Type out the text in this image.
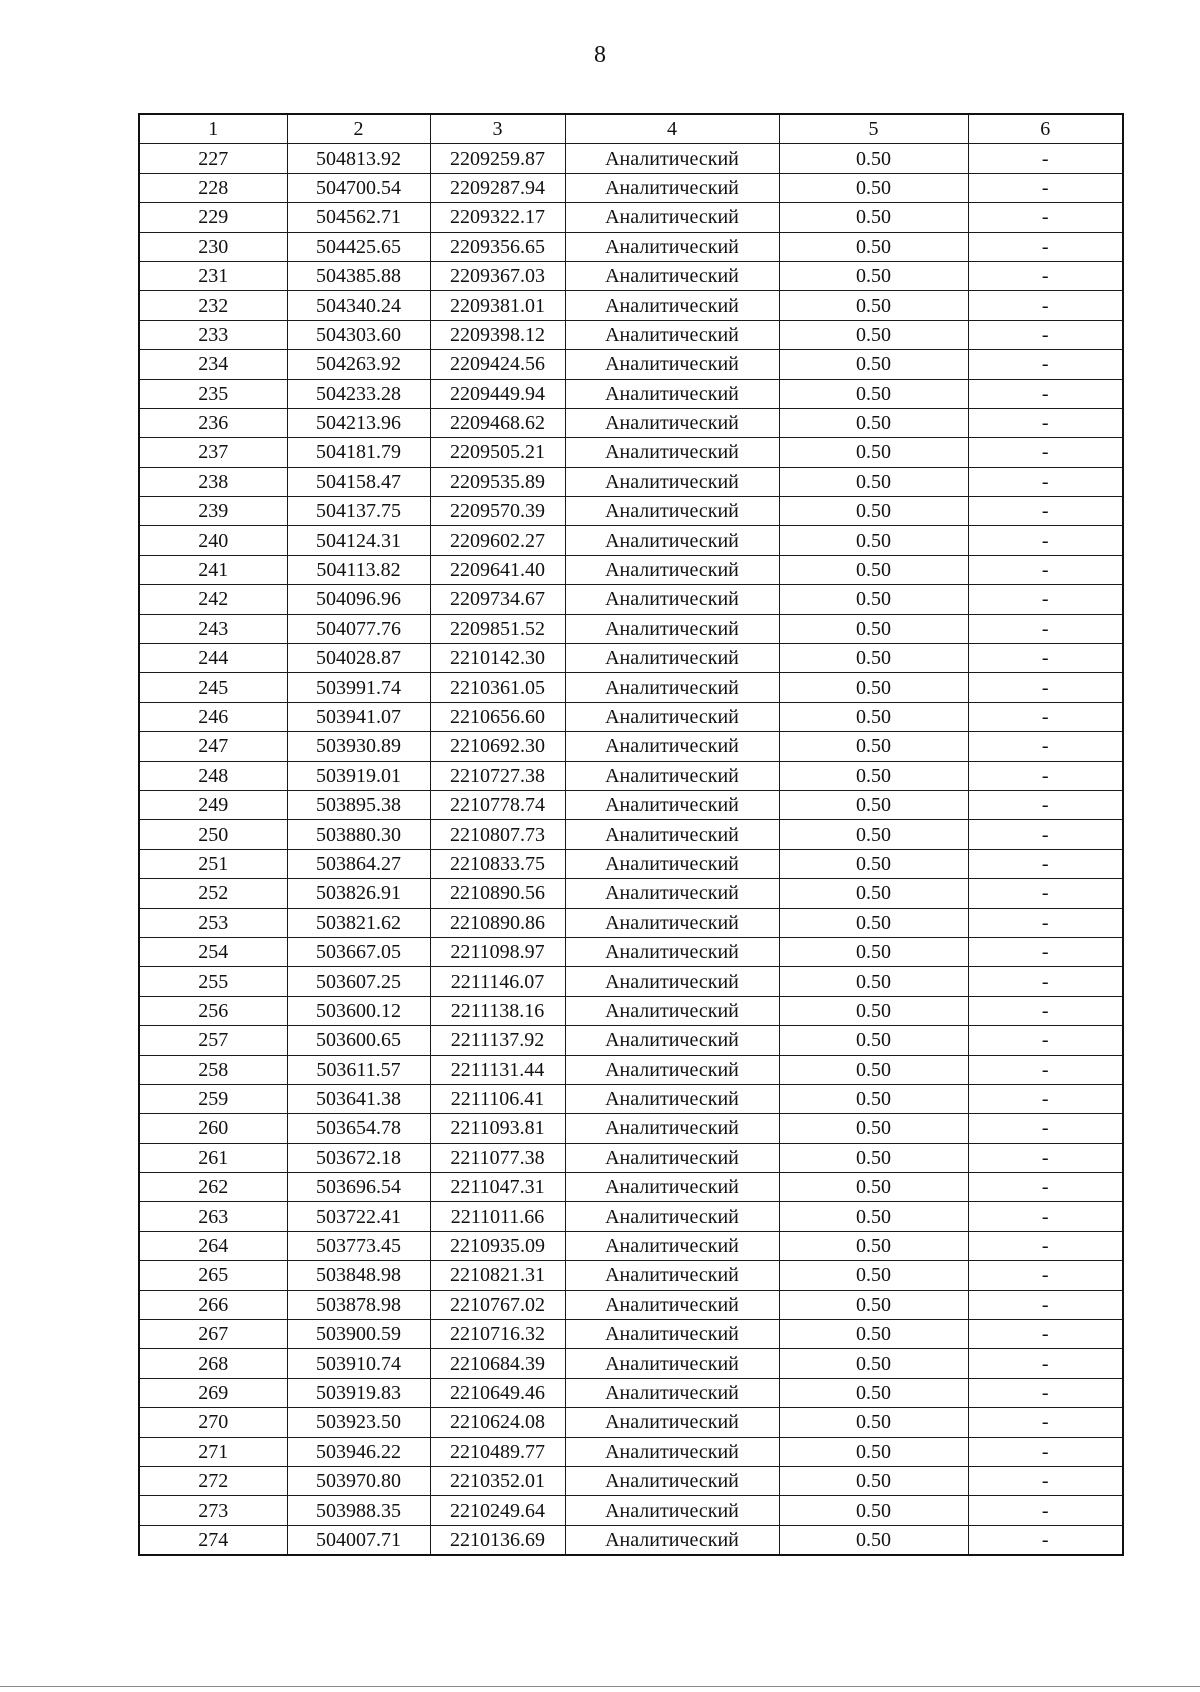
8
1	2	3	4	5	6
227	504813.92	2209259.87	Аналитический	0.50	-
228	504700.54	2209287.94	Аналитический	0.50	-
229	504562.71	2209322.17	Аналитический	0.50	-
230	504425.65	2209356.65	Аналитический	0.50	-
231	504385.88	2209367.03	Аналитический	0.50	-
232	504340.24	2209381.01	Аналитический	0.50	-
233	504303.60	2209398.12	Аналитический	0.50	-
234	504263.92	2209424.56	Аналитический	0.50	-
235	504233.28	2209449.94	Аналитический	0.50	-
236	504213.96	2209468.62	Аналитический	0.50	-
237	504181.79	2209505.21	Аналитический	0.50	-
238	504158.47	2209535.89	Аналитический	0.50	-
239	504137.75	2209570.39	Аналитический	0.50	-
240	504124.31	2209602.27	Аналитический	0.50	-
241	504113.82	2209641.40	Аналитический	0.50	-
242	504096.96	2209734.67	Аналитический	0.50	-
243	504077.76	2209851.52	Аналитический	0.50	-
244	504028.87	2210142.30	Аналитический	0.50	-
245	503991.74	2210361.05	Аналитический	0.50	-
246	503941.07	2210656.60	Аналитический	0.50	-
247	503930.89	2210692.30	Аналитический	0.50	-
248	503919.01	2210727.38	Аналитический	0.50	-
249	503895.38	2210778.74	Аналитический	0.50	-
250	503880.30	2210807.73	Аналитический	0.50	-
251	503864.27	2210833.75	Аналитический	0.50	-
252	503826.91	2210890.56	Аналитический	0.50	-
253	503821.62	2210890.86	Аналитический	0.50	-
254	503667.05	2211098.97	Аналитический	0.50	-
255	503607.25	2211146.07	Аналитический	0.50	-
256	503600.12	2211138.16	Аналитический	0.50	-
257	503600.65	2211137.92	Аналитический	0.50	-
258	503611.57	2211131.44	Аналитический	0.50	-
259	503641.38	2211106.41	Аналитический	0.50	-
260	503654.78	2211093.81	Аналитический	0.50	-
261	503672.18	2211077.38	Аналитический	0.50	-
262	503696.54	2211047.31	Аналитический	0.50	-
263	503722.41	2211011.66	Аналитический	0.50	-
264	503773.45	2210935.09	Аналитический	0.50	-
265	503848.98	2210821.31	Аналитический	0.50	-
266	503878.98	2210767.02	Аналитический	0.50	-
267	503900.59	2210716.32	Аналитический	0.50	-
268	503910.74	2210684.39	Аналитический	0.50	-
269	503919.83	2210649.46	Аналитический	0.50	-
270	503923.50	2210624.08	Аналитический	0.50	-
271	503946.22	2210489.77	Аналитический	0.50	-
272	503970.80	2210352.01	Аналитический	0.50	-
273	503988.35	2210249.64	Аналитический	0.50	-
274	504007.71	2210136.69	Аналитический	0.50	-
